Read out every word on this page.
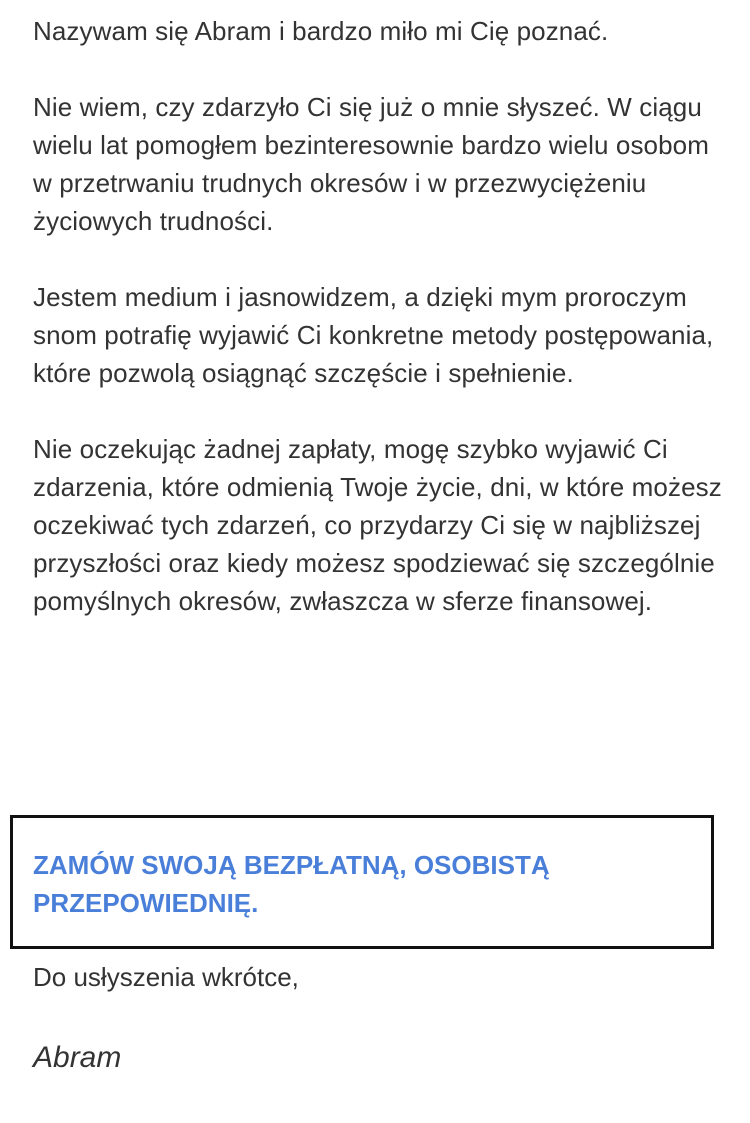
Nazywam się Abram i bardzo miło mi Cię poznać.

Nie wiem, czy zdarzyło Ci się już o mnie słyszeć. W ciągu wielu lat pomogłem bezinteresownie bardzo wielu osobom w przetrwaniu trudnych okresów i w przezwyciężeniu życiowych trudności.

Jestem medium i jasnowidzem, a dzięki mym proroczym snom potrafię wyjawić Ci konkretne metody postępowania, które pozwolą osiągnąć szczęście i spełnienie.

Nie oczekując żadnej zapłaty, mogę szybko wyjawić Ci zdarzenia, które odmienią Twoje życie, dni, w które możesz oczekiwać tych zdarzeń, co przydarzy Ci się w najbliższej przyszłości oraz kiedy możesz spodziewać się szczególnie pomyślnych okresów, zwłaszcza w sferze finansowej.

ZAMÓW SWOJĄ BEZPŁATNĄ, OSOBISTĄ PRZEPOWIEDNIĘ.
Do usłyszenia wkrótce,
Abram
